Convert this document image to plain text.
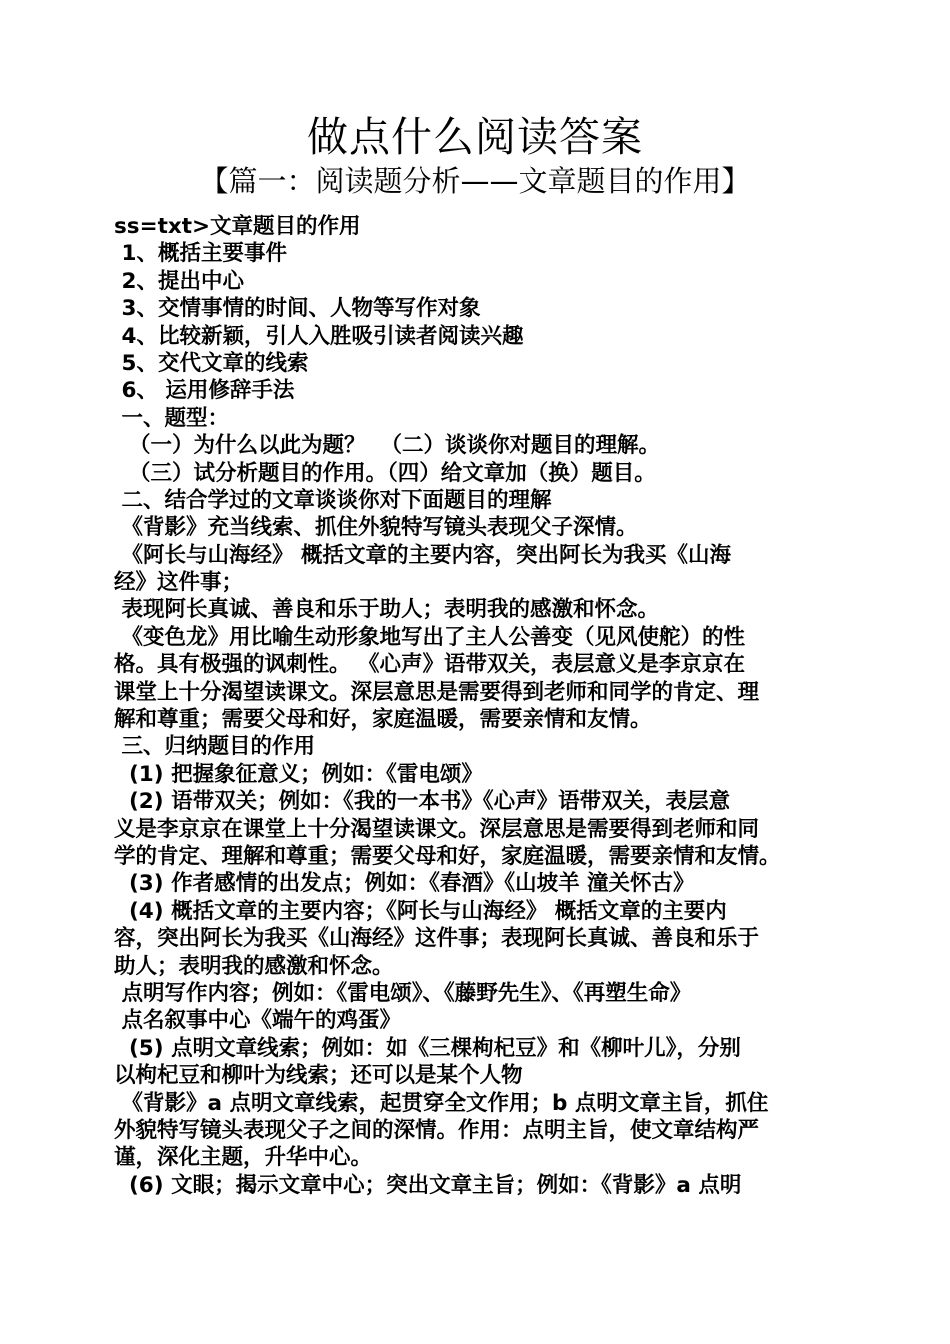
做点什么阅读答案
【篇一：阅读题分析——文章题目的作用】
ss=txt>文章题目的作用
1、概括主要事件
2、提出中心
3、交情事情的时间、人物等写作对象
4、比较新颖，引人入胜吸引读者阅读兴趣
5、交代文章的线索
6、 运用修辞手法
一、题型：
（一）为什么以此为题？  （二）谈谈你对题目的理解。
（三）试分析题目的作用。（四）给文章加（换）题目。
二、结合学过的文章谈谈你对下面题目的理解
《背影》充当线索、抓住外貌特写镜头表现父子深情。
《阿长与山海经》 概括文章的主要内容，突出阿长为我买《山海
经》这件事；
表现阿长真诚、善良和乐于助人；表明我的感激和怀念。
《变色龙》用比喻生动形象地写出了主人公善变（见风使舵）的性
格。具有极强的讽刺性。 《心声》语带双关，表层意义是李京京在
课堂上十分渴望读课文。深层意思是需要得到老师和同学的肯定、理
解和尊重；需要父母和好，家庭温暖，需要亲情和友情。
三、归纳题目的作用
(1) 把握象征意义；例如：《雷电颂》
(2) 语带双关；例如：《我的一本书》《心声》语带双关，表层意
义是李京京在课堂上十分渴望读课文。深层意思是需要得到老师和同
学的肯定、理解和尊重；需要父母和好，家庭温暖，需要亲情和友情。
(3) 作者感情的出发点；例如：《春酒》《山坡羊 潼关怀古》
(4) 概括文章的主要内容；《阿长与山海经》 概括文章的主要内
容，突出阿长为我买《山海经》这件事；表现阿长真诚、善良和乐于
助人；表明我的感激和怀念。
点明写作内容；例如：《雷电颂》、《藤野先生》、《再塑生命》
点名叙事中心《端午的鸡蛋》
(5) 点明文章线索；例如：如《三棵枸杞豆》和《柳叶儿》，分别
以枸杞豆和柳叶为线索；还可以是某个人物
《背影》a 点明文章线索，起贯穿全文作用；b 点明文章主旨，抓住
外貌特写镜头表现父子之间的深情。作用：点明主旨，使文章结构严
谨，深化主题，升华中心。
(6) 文眼；揭示文章中心；突出文章主旨；例如：《背影》a 点明
